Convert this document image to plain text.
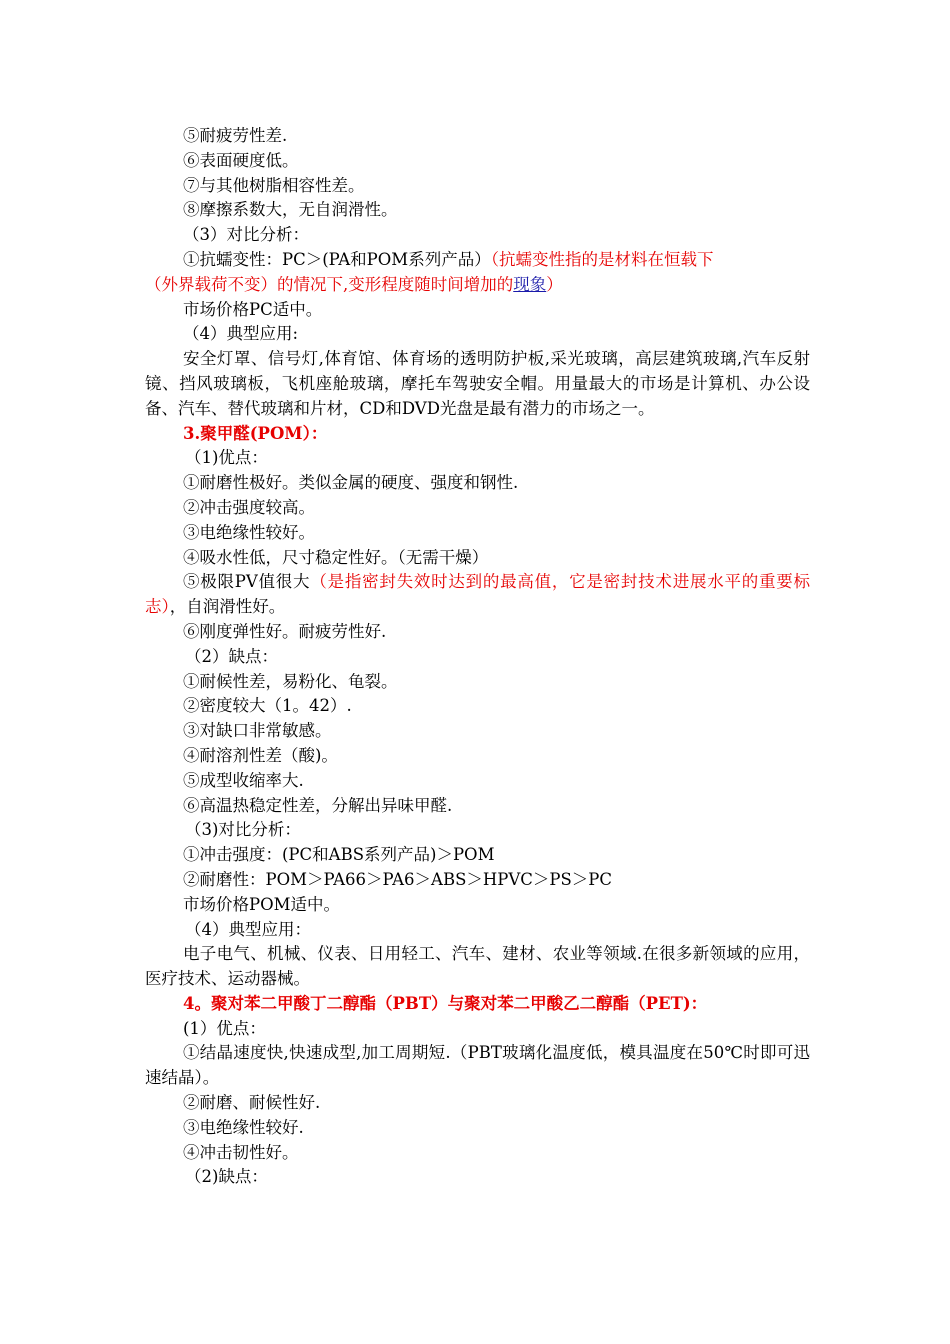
⑤耐疲劳性差.
⑥表面硬度低。
⑦与其他树脂相容性差。
⑧摩擦系数大，无自润滑性。
（3）对比分析：
①抗蠕变性：PC＞(PA和POM系列产品）（抗蠕变性指的是材料在恒载下
（外界载荷不变）的情况下,变形程度随时间增加的现象）
市场价格PC适中。
（4）典型应用:
安全灯罩、信号灯,体育馆、体育场的透明防护板,采光玻璃，高层建筑玻璃,汽车反射镜、挡风玻璃板，飞机座舱玻璃，摩托车驾驶安全帽。用量最大的市场是计算机、办公设备、汽车、替代玻璃和片材，CD和DVD光盘是最有潜力的市场之一。
3.聚甲醛(POM）：
（1)优点：
①耐磨性极好。类似金属的硬度、强度和钢性.
②冲击强度较高。
③电绝缘性较好。
④吸水性低，尺寸稳定性好。（无需干燥）
⑤极限PV值很大（是指密封失效时达到的最高值，它是密封技术进展水平的重要标志），自润滑性好。
⑥刚度弹性好。耐疲劳性好.
（2）缺点：
①耐候性差，易粉化、龟裂。
②密度较大（1。42）.
③对缺口非常敏感。
④耐溶剂性差（酸)。
⑤成型收缩率大.
⑥高温热稳定性差，分解出异味甲醛.
（3)对比分析：
①冲击强度：(PC和ABS系列产品)＞POM
②耐磨性：POM＞PA66＞PA6＞ABS＞HPVC＞PS＞PC
市场价格POM适中。
（4）典型应用：
电子电气、机械、仪表、日用轻工、汽车、建材、农业等领域.在很多新领域的应用，医疗技术、运动器械。
4。聚对苯二甲酸丁二醇酯（PBT）与聚对苯二甲酸乙二醇酯（PET)：
(1）优点：
①结晶速度快,快速成型,加工周期短.（PBT玻璃化温度低，模具温度在50℃时即可迅速结晶）。
②耐磨、耐候性好.
③电绝缘性较好.
④冲击韧性好。
（2)缺点：
